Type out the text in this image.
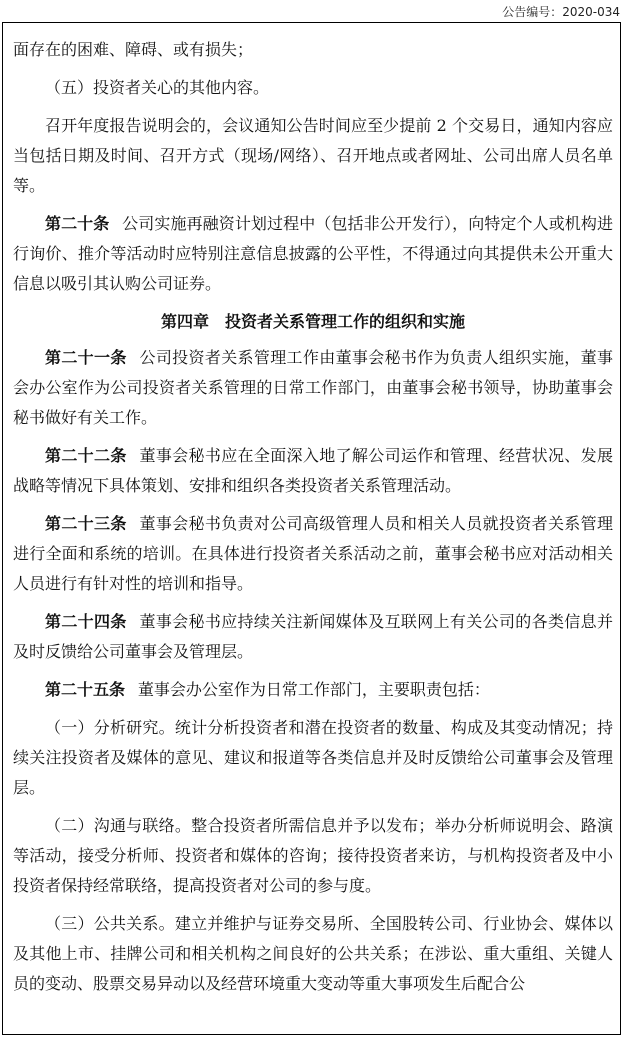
公告编号：2020-034

面存在的困难、障碍、或有损失；

（五）投资者关心的其他内容。

召开年度报告说明会的，会议通知公告时间应至少提前 2 个交易日，通知内容应当包括日期及时间、召开方式（现场/网络）、召开地点或者网址、公司出席人员名单等。

第二十条 公司实施再融资计划过程中（包括非公开发行），向特定个人或机构进行询价、推介等活动时应特别注意信息披露的公平性，不得通过向其提供未公开重大信息以吸引其认购公司证券。

第四章　投资者关系管理工作的组织和实施

第二十一条 公司投资者关系管理工作由董事会秘书作为负责人组织实施，董事会办公室作为公司投资者关系管理的日常工作部门，由董事会秘书领导，协助董事会秘书做好有关工作。

第二十二条 董事会秘书应在全面深入地了解公司运作和管理、经营状况、发展战略等情况下具体策划、安排和组织各类投资者关系管理活动。

第二十三条 董事会秘书负责对公司高级管理人员和相关人员就投资者关系管理进行全面和系统的培训。在具体进行投资者关系活动之前，董事会秘书应对活动相关人员进行有针对性的培训和指导。

第二十四条 董事会秘书应持续关注新闻媒体及互联网上有关公司的各类信息并及时反馈给公司董事会及管理层。

第二十五条 董事会办公室作为日常工作部门，主要职责包括：

（一）分析研究。统计分析投资者和潜在投资者的数量、构成及其变动情况；持续关注投资者及媒体的意见、建议和报道等各类信息并及时反馈给公司董事会及管理层。

（二）沟通与联络。整合投资者所需信息并予以发布；举办分析师说明会、路演等活动，接受分析师、投资者和媒体的咨询；接待投资者来访，与机构投资者及中小投资者保持经常联络，提高投资者对公司的参与度。

（三）公共关系。建立并维护与证券交易所、全国股转公司、行业协会、媒体以及其他上市、挂牌公司和相关机构之间良好的公共关系；在涉讼、重大重组、关键人员的变动、股票交易异动以及经营环境重大变动等重大事项发生后配合公
